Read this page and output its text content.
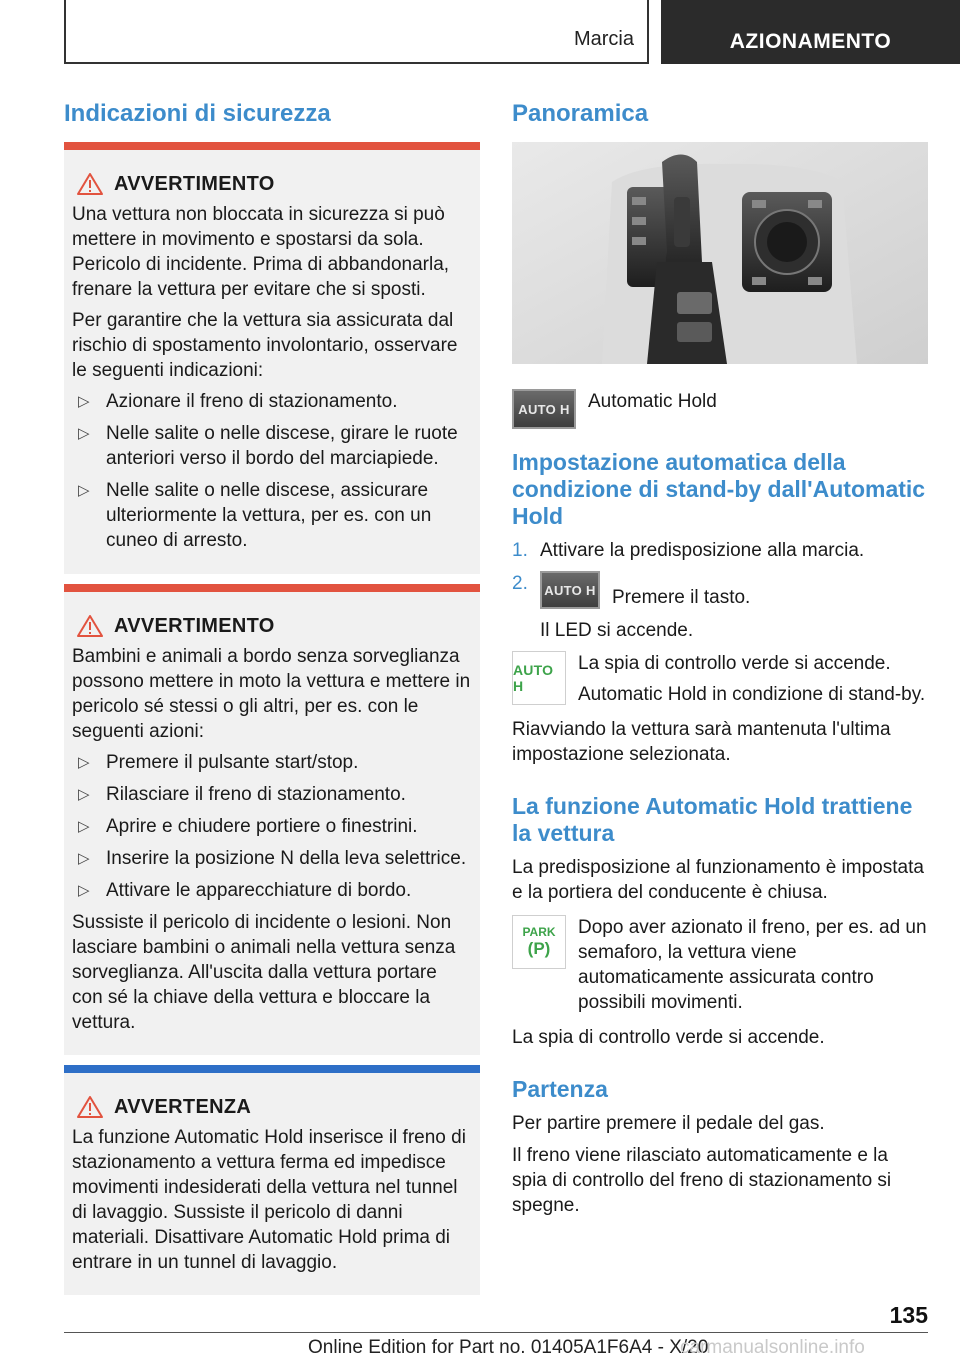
Marcia	AZIONAMENTO
Indicazioni di sicurezza
AVVERTIMENTO

Una vettura non bloccata in sicurezza si può mettere in movimento e spostarsi da sola. Pericolo di incidente. Prima di abbandonarla, frenare la vettura per evitare che si sposti.

Per garantire che la vettura sia assicurata dal rischio di spostamento involontario, osservare le seguenti indicazioni:

▷ Azionare il freno di stazionamento.
▷ Nelle salite o nelle discese, girare le ruote anteriori verso il bordo del marciapiede.
▷ Nelle salite o nelle discese, assicurare ulteriormente la vettura, per es. con un cuneo di arresto.
AVVERTIMENTO

Bambini e animali a bordo senza sorveglianza possono mettere in moto la vettura e mettere in pericolo sé stessi o gli altri, per es. con le seguenti azioni:

▷ Premere il pulsante start/stop.
▷ Rilasciare il freno di stazionamento.
▷ Aprire e chiudere portiere o finestrini.
▷ Inserire la posizione N della leva selettrice.
▷ Attivare le apparecchiature di bordo.

Sussiste il pericolo di incidente o lesioni. Non lasciare bambini o animali nella vettura senza sorveglianza. All'uscita dalla vettura portare con sé la chiave della vettura e bloccare la vettura.

AVVERTENZA

La funzione Automatic Hold inserisce il freno di stazionamento a vettura ferma ed impedisce movimenti indesiderati della vettura nel tunnel di lavaggio. Sussiste il pericolo di danni materiali. Disattivare Automatic Hold prima di entrare in un tunnel di lavaggio.

Panoramica
AUTO H Automatic Hold
Impostazione automatica della condizione di stand-by dall'Automatic Hold
1. Attivare la predisposizione alla marcia.
2.	AUTO H Premere il tasto.
Il LED si accende.
AUTO H

La spia di controllo verde si accende.

Automatic Hold in condizione di stand-by.

Riavviando la vettura sarà mantenuta l'ultima impostazione selezionata.
La funzione Automatic Hold trattiene la vettura
La predisposizione al funzionamento è impostata e la portiera del conducente è chiusa.
PARK
(P)

Dopo aver azionato il freno, per es. ad un semaforo, la vettura viene automaticamente assicurata contro possibili movimenti.

La spia di controllo verde si accende.
Partenza
Per partire premere il pedale del gas.
Il freno viene rilasciato automaticamente e la spia di controllo del freno di stazionamento si spegne.
135
Online Edition for Part no. 01405A1F6A4 - X/20
carmanualsonline.info
